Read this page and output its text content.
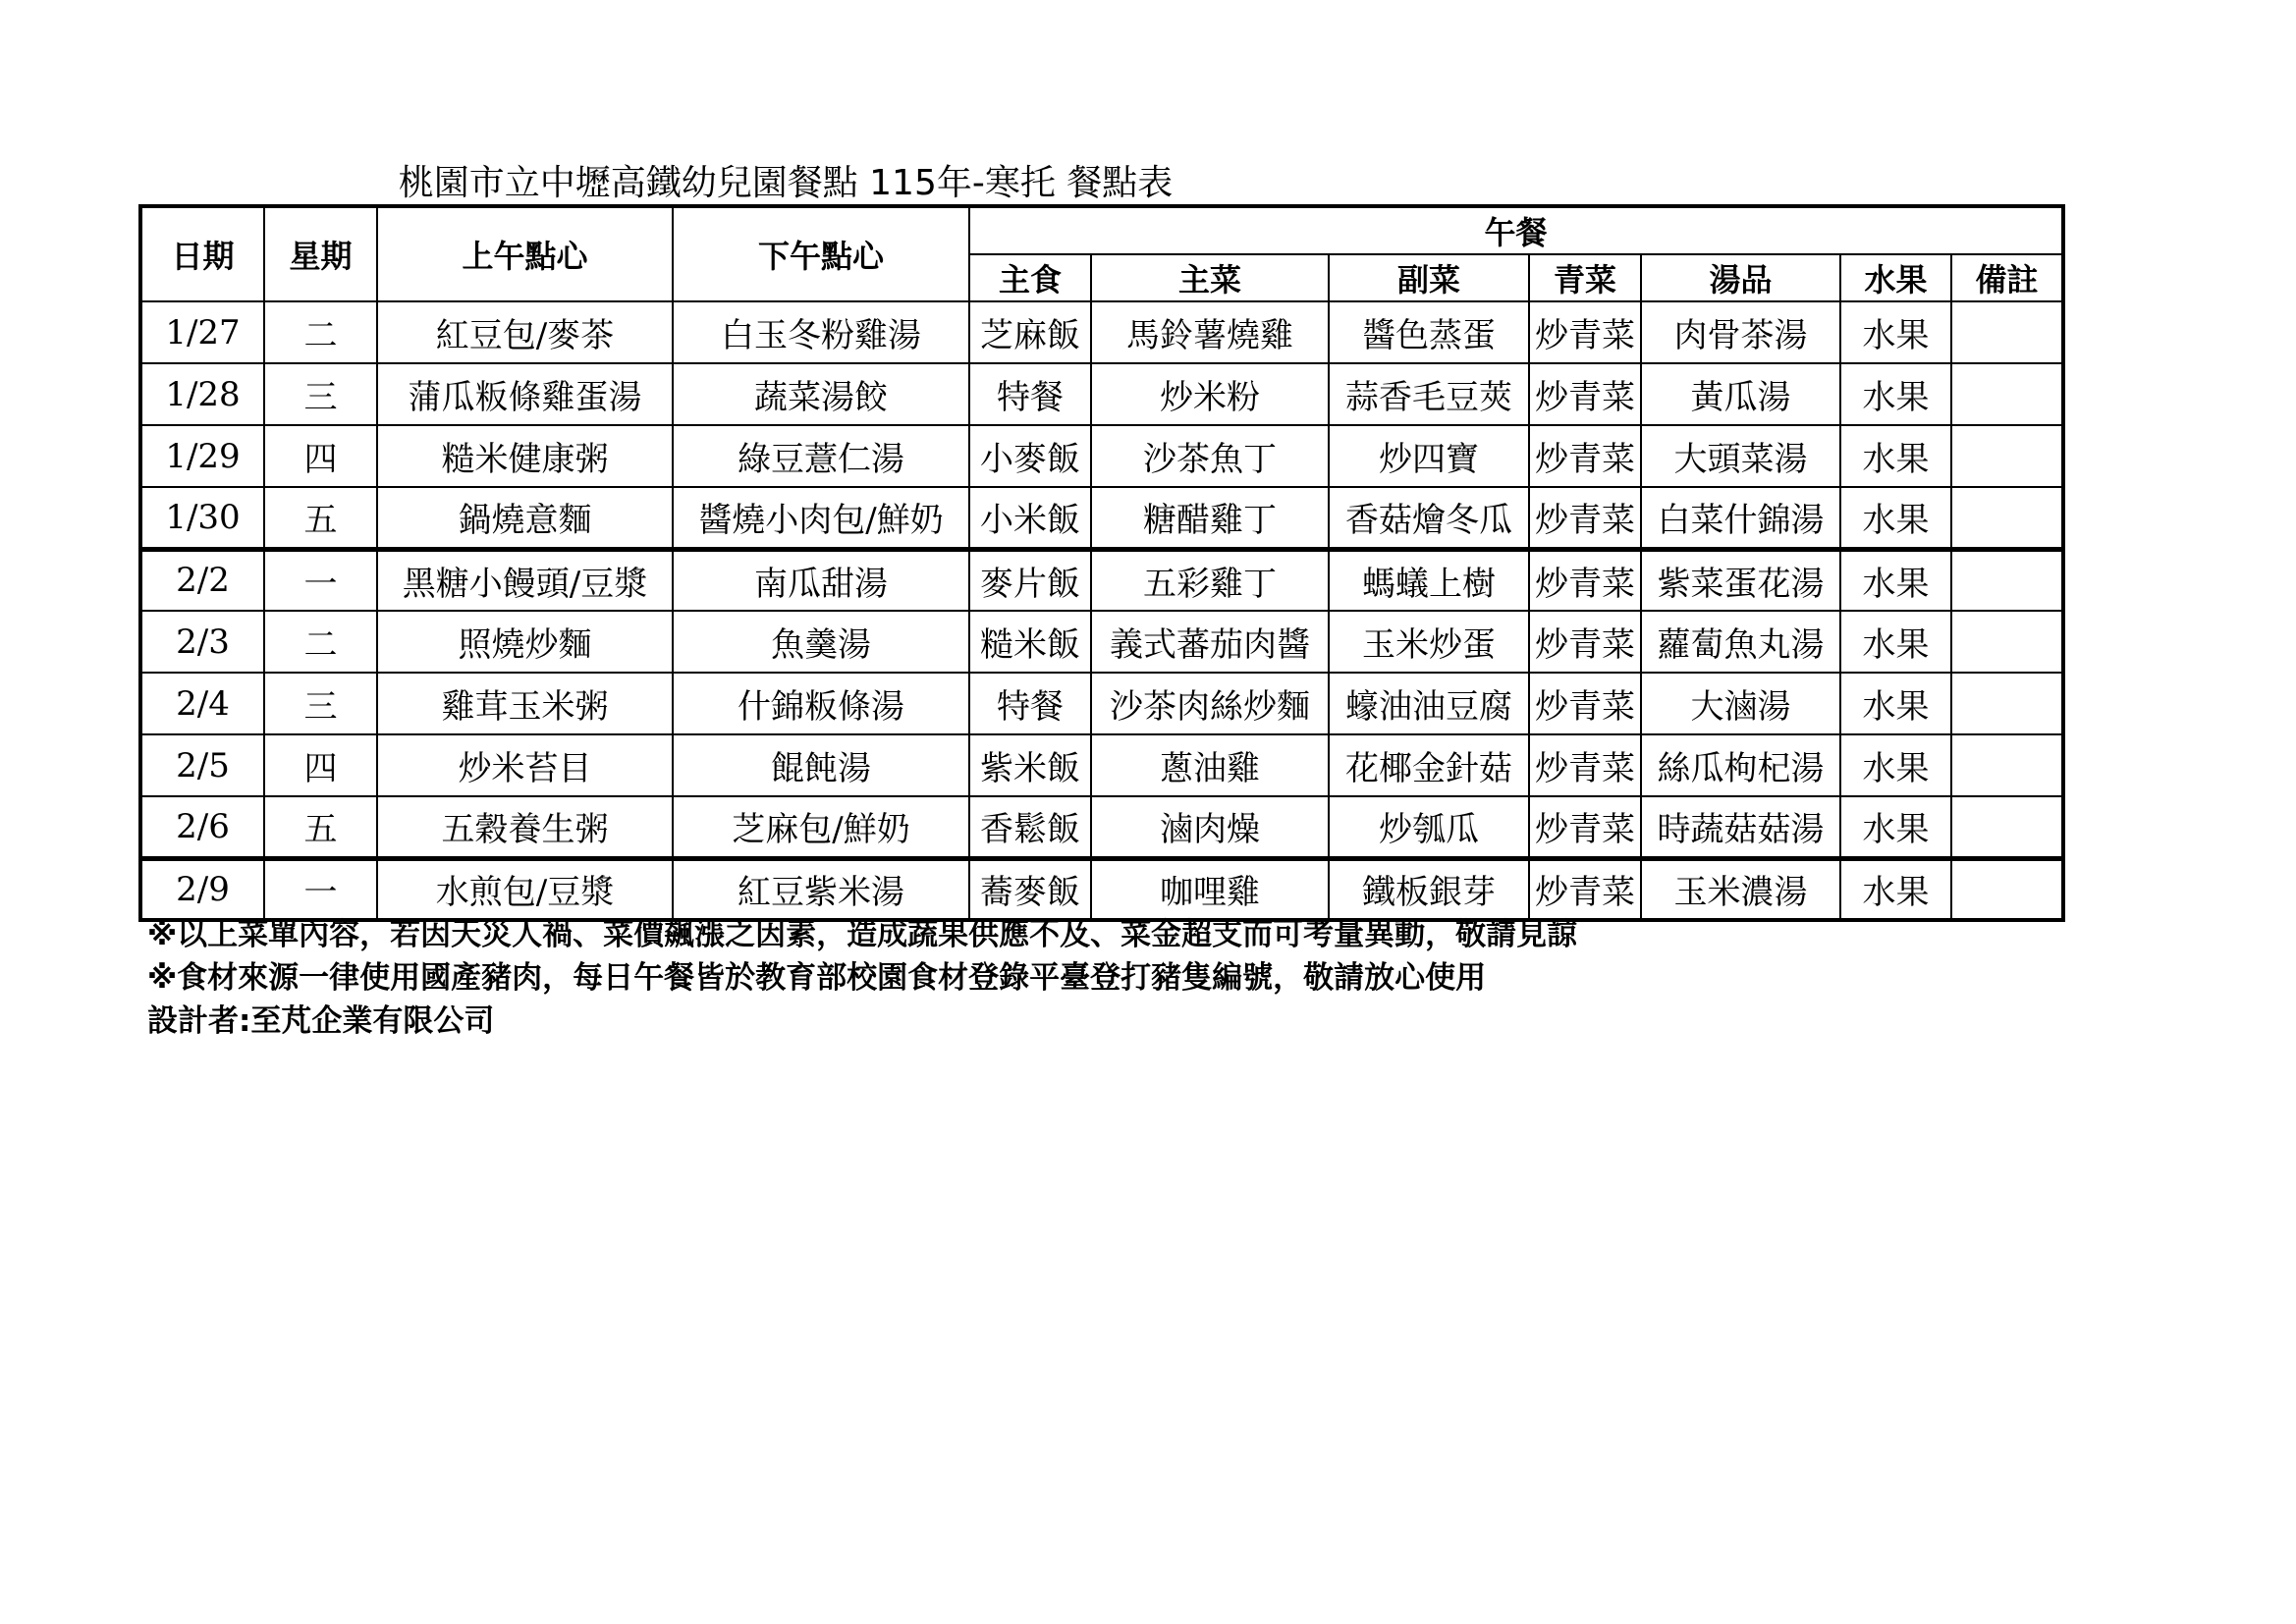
桃園市立中壢高鐵幼兒園餐點 115年-寒托 餐點表
日期	星期	上午點心	下午點心	午餐						
				主食	主菜	副菜	青菜	湯品	水果	備註
1/27	二	紅豆包/麥茶	白玉冬粉雞湯	芝麻飯	馬鈴薯燒雞	醬色蒸蛋	炒青菜	肉骨茶湯	水果	
1/28	三	蒲瓜粄條雞蛋湯	蔬菜湯餃	特餐	炒米粉	蒜香毛豆莢	炒青菜	黃瓜湯	水果	
1/29	四	糙米健康粥	綠豆薏仁湯	小麥飯	沙茶魚丁	炒四寶	炒青菜	大頭菜湯	水果	
1/30	五	鍋燒意麵	醬燒小肉包/鮮奶	小米飯	糖醋雞丁	香菇燴冬瓜	炒青菜	白菜什錦湯	水果	
2/2	一	黑糖小饅頭/豆漿	南瓜甜湯	麥片飯	五彩雞丁	螞蟻上樹	炒青菜	紫菜蛋花湯	水果	
2/3	二	照燒炒麵	魚羹湯	糙米飯	義式蕃茄肉醬	玉米炒蛋	炒青菜	蘿蔔魚丸湯	水果	
2/4	三	雞茸玉米粥	什錦粄條湯	特餐	沙茶肉絲炒麵	蠔油油豆腐	炒青菜	大滷湯	水果	
2/5	四	炒米苔目	餛飩湯	紫米飯	蔥油雞	花椰金針菇	炒青菜	絲瓜枸杞湯	水果	
2/6	五	五穀養生粥	芝麻包/鮮奶	香鬆飯	滷肉燥	炒瓠瓜	炒青菜	時蔬菇菇湯	水果	
2/9	一	水煎包/豆漿	紅豆紫米湯	蕎麥飯	咖哩雞	鐵板銀芽	炒青菜	玉米濃湯	水果	
※以上菜單內容，若因天災人禍、菜價飆漲之因素，造成蔬果供應不及、菜金超支而可考量異動，敬請見諒
※食材來源一律使用國產豬肉，每日午餐皆於教育部校園食材登錄平臺登打豬隻編號，敬請放心使用
設計者:至芃企業有限公司
